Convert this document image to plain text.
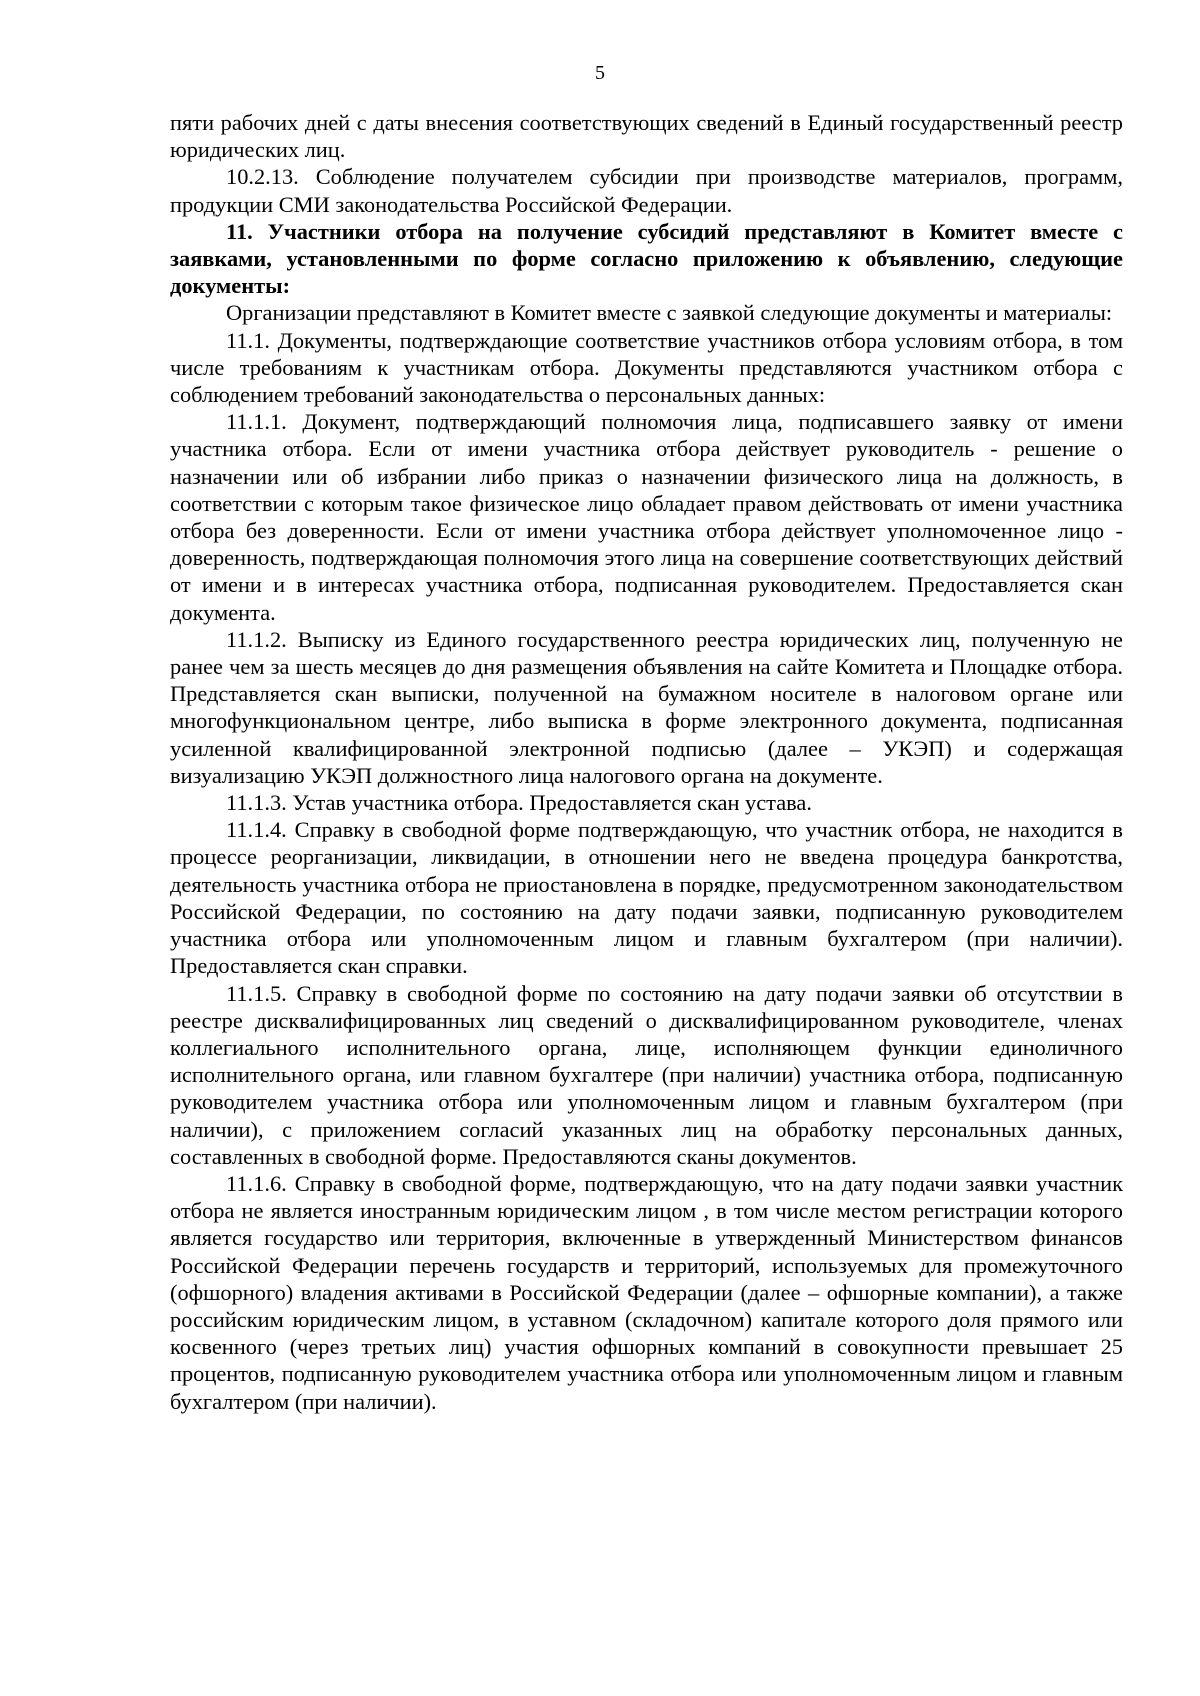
5

пяти рабочих дней с даты внесения соответствующих сведений в Единый государственный реестр юридических лиц.

10.2.13. Соблюдение получателем субсидии при производстве материалов, программ, продукции СМИ законодательства Российской Федерации.

11. Участники отбора на получение субсидий представляют в Комитет вместе с заявками, установленными по форме согласно приложению к объявлению, следующие документы:

Организации представляют в Комитет вместе с заявкой следующие документы и материалы:

11.1. Документы, подтверждающие соответствие участников отбора условиям отбора, в том числе требованиям к участникам отбора. Документы представляются участником отбора с соблюдением требований законодательства о персональных данных:

11.1.1. Документ, подтверждающий полномочия лица, подписавшего заявку от имени участника отбора. Если от имени участника отбора действует руководитель - решение о назначении или об избрании либо приказ о назначении физического лица на должность, в соответствии с которым такое физическое лицо обладает правом действовать от имени участника отбора без доверенности. Если от имени участника отбора действует уполномоченное лицо - доверенность, подтверждающая полномочия этого лица на совершение соответствующих действий от имени и в интересах участника отбора, подписанная руководителем. Предоставляется скан документа.

11.1.2. Выписку из Единого государственного реестра юридических лиц, полученную не ранее чем за шесть месяцев до дня размещения объявления на сайте Комитета и Площадке отбора. Представляется скан выписки, полученной на бумажном носителе в налоговом органе или многофункциональном центре, либо выписка в форме электронного документа, подписанная усиленной квалифицированной электронной подписью (далее – УКЭП) и содержащая визуализацию УКЭП должностного лица налогового органа на документе.

11.1.3. Устав участника отбора. Предоставляется скан устава.

11.1.4. Справку в свободной форме подтверждающую, что участник отбора, не находится в процессе реорганизации, ликвидации, в отношении него не введена процедура банкротства, деятельность участника отбора не приостановлена в порядке, предусмотренном законодательством Российской Федерации, по состоянию на дату подачи заявки, подписанную руководителем участника отбора или уполномоченным лицом и главным бухгалтером (при наличии). Предоставляется скан справки.

11.1.5. Справку в свободной форме по состоянию на дату подачи заявки об отсутствии в реестре дисквалифицированных лиц сведений о дисквалифицированном руководителе, членах коллегиального исполнительного органа, лице, исполняющем функции единоличного исполнительного органа, или главном бухгалтере (при наличии) участника отбора, подписанную руководителем участника отбора или уполномоченным лицом и главным бухгалтером (при наличии), с приложением согласий указанных лиц на обработку персональных данных, составленных в свободной форме. Предоставляются сканы документов.

11.1.6. Справку в свободной форме, подтверждающую, что на дату подачи заявки участник отбора не является иностранным юридическим лицом , в том числе местом регистрации которого является государство или территория, включенные в утвержденный Министерством финансов Российской Федерации перечень государств и территорий, используемых для промежуточного (офшорного) владения активами в Российской Федерации (далее – офшорные компании), а также российским юридическим лицом, в уставном (складочном) капитале которого доля прямого или косвенного (через третьих лиц) участия офшорных компаний в совокупности превышает 25 процентов, подписанную руководителем участника отбора или уполномоченным лицом и главным бухгалтером (при наличии).
